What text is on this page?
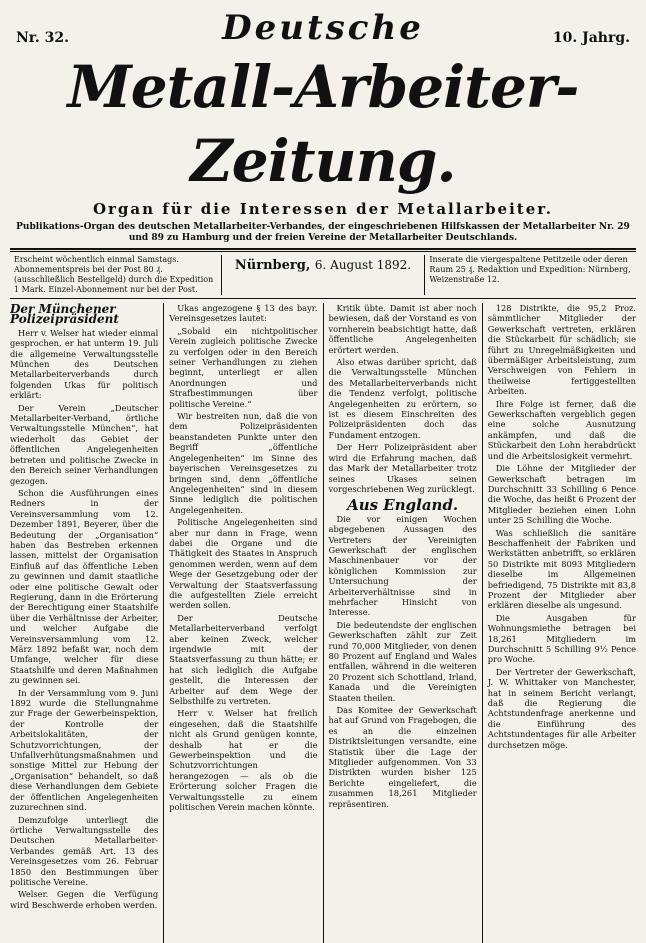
Nr. 32.	Deutsche	10. Jahrg.
Metall-Arbeiter-Zeitung.
Organ für die Interessen der Metallarbeiter.
Publikations-Organ des deutschen Metallarbeiter-Verbandes, der eingeschriebenen Hilfskassen der Metallarbeiter Nr. 29 und 89 zu Hamburg und der freien Vereine der Metallarbeiter Deutschlands.
Erscheint wöchentlich einmal Samstags. Abonnementspreis bei der Post 80 ₰. (ausschließlich Bestellgeld) durch die Expedition 1 Mark. Einzel-Abonnement nur bei der Post.
Nürnberg, 6. August 1892.	Inserate die viergespaltene Petitzeile oder deren Raum 25 ₰. Redaktion und Expedition: Nürnberg, Weizenstraße 12.
Der Münchener Polizeipräsident

Herr v. Welser hat wieder einmal gesprochen, er hat unterm 19. Juli die allgemeine Verwaltungsstelle München des Deutschen Metallarbeiterverbands durch folgenden Ukas für politisch erklärt:

Der Verein „Deutscher Metallarbeiter-Verband, örtliche Verwaltungsstelle München“, hat wiederholt das Gebiet der öffentlichen Angelegenheiten betreten und politische Zwecke in den Bereich seiner Verhandlungen gezogen.

Schon die Ausführungen eines Redners in der Vereinsversammlung vom 12. Dezember 1891, Beyerer, über die Bedeutung der „Organisation“ haben das Bestreben erkennen lassen, mittelst der Organisation Einfluß auf das öffentliche Leben zu gewinnen und damit staatliche oder eine politische Gewalt oder Regierung, dann in die Erörterung der Berechtigung einer Staatshilfe über die Verhältnisse der Arbeiter, und welcher Aufgabe die Vereinsversammlung vom 12. März 1892 befaßt war, noch dem Umfange, welcher für diese Staatshilfe und deren Maßnahmen zu gewinnen sei.

In der Versammlung vom 9. Juni 1892 wurde die Stellungnahme zur Frage der Gewerbeinspektion, der Kontrolle der Arbeitslokalitäten, der Schutzvorrichtungen, der Unfallverhütungsmaßnahmen und sonstige Mittel zur Hebung der „Organisation“ behandelt, so daß diese Verhandlungen dem Gebiete der öffentlichen Angelegenheiten zuzurechnen sind.

Demzufolge unterliegt die örtliche Verwaltungsstelle des Deutschen Metallarbeiter-Verbandes gemäß Art. 13 des Vereinsgesetzes vom 26. Februar 1850 den Bestimmungen über politische Vereine.

Welser. Gegen die Verfügung wird Beschwerde erhoben werden.

Ukas angezogene § 13 des bayr. Vereinsgesetzes lautet:

„Sobald ein nichtpolitischer Verein zugleich politische Zwecke zu verfolgen oder in den Bereich seiner Verhandlungen zu ziehen beginnt, unterliegt er allen Anordnungen und Strafbestimmungen über politische Vereine.“

Wir bestreiten nun, daß die von dem Polizeipräsidenten beanstandeten Punkte unter den Begriff „öffentliche Angelegenheiten“ im Sinne des bayerischen Vereinsgesetzes zu bringen sind, denn „öffentliche Angelegenheiten“ sind in diesem Sinne lediglich die politischen Angelegenheiten.

Politische Angelegenheiten sind aber nur dann in Frage, wenn dabei die Organe und die Thätigkeit des Staates in Anspruch genommen werden, wenn auf dem Wege der Gesetzgebung oder der Verwaltung der Staatsverfassung die aufgestellten Ziele erreicht werden sollen.

Der Deutsche Metallarbeiterverband verfolgt aber keinen Zweck, welcher irgendwie mit der Staatsverfassung zu thun hätte; er hat sich lediglich die Aufgabe gestellt, die Interessen der Arbeiter auf dem Wege der Selbsthilfe zu vertreten.

Herr v. Welser hat freilich eingesehen, daß die Staatshilfe nicht als Grund genügen konnte, deshalb hat er die Gewerbeinspektion und die Schutzvorrichtungen herangezogen — als ob die Erörterung solcher Fragen die Verwaltungsstelle zu einem politischen Verein machen könnte.

Kritik übte. Damit ist aber noch bewiesen, daß der Vorstand es von vornherein beabsichtigt hatte, daß öffentliche Angelegenheiten erörtert werden.

Also etwas darüber spricht, daß die Verwaltungsstelle München des Metallarbeiterverbands nicht die Tendenz verfolgt, politische Angelegenheiten zu erörtern, so ist es diesem Einschreiten des Polizeipräsidenten doch das Fundament entzogen.

Der Herr Polizeipräsident aber wird die Erfahrung machen, daß das Mark der Metallarbeiter trotz seines Ukases seinen vorgeschriebenen Weg zurücklegt.

Aus England.

Die vor einigen Wochen abgegebenen Aussagen des Vertreters der Vereinigten Gewerkschaft der englischen Maschinenbauer vor der königlichen Kommission zur Untersuchung der Arbeiterverhältnisse sind in mehrfacher Hinsicht von Interesse.

Die bedeutendste der englischen Gewerkschaften zählt zur Zeit rund 70,000 Mitglieder, von denen 80 Prozent auf England und Wales entfallen, während in die weiteren 20 Prozent sich Schottland, Irland, Kanada und die Vereinigten Staaten theilen.

Das Komitee der Gewerkschaft hat auf Grund von Fragebogen, die es an die einzelnen Distriktsleitungen versandte, eine Statistik über die Lage der Mitglieder aufgenommen. Von 33 Distrikten wurden bisher 125 Berichte eingeliefert, die zusammen 18,261 Mitglieder repräsentiren.

128 Distrikte, die 95,2 Proz. sämmtlicher Mitglieder der Gewerkschaft vertreten, erklären die Stückarbeit für schädlich; sie führt zu Unregelmäßigkeiten und übermäßiger Arbeitsleistung, zum Verschweigen von Fehlern in theilweise fertiggestellten Arbeiten.

Ihre Folge ist ferner, daß die Gewerkschaften vergeblich gegen eine solche Ausnutzung ankämpfen, und daß die Stückarbeit den Lohn herabdrückt und die Arbeitslosigkeit vermehrt.

Die Löhne der Mitglieder der Gewerkschaft betragen im Durchschnitt 33 Schilling 6 Pence die Woche, das heißt 6 Prozent der Mitglieder beziehen einen Lohn unter 25 Schilling die Woche.

Was schließlich die sanitäre Beschaffenheit der Fabriken und Werkstätten anbetrifft, so erklären 50 Distrikte mit 8093 Mitgliedern dieselbe im Allgemeinen befriedigend, 75 Distrikte mit 83,8 Prozent der Mitglieder aber erklären dieselbe als ungesund.

Die Ausgaben für Wohnungsmiethe betragen bei 18,261 Mitgliedern im Durchschnitt 5 Schilling 9½ Pence pro Woche.

Der Vertreter der Gewerkschaft, J. W. Whittaker von Manchester, hat in seinem Bericht verlangt, daß die Regierung die Achtstundenfrage anerkenne und die Einführung des Achtstundentages für alle Arbeiter durchsetzen möge.
